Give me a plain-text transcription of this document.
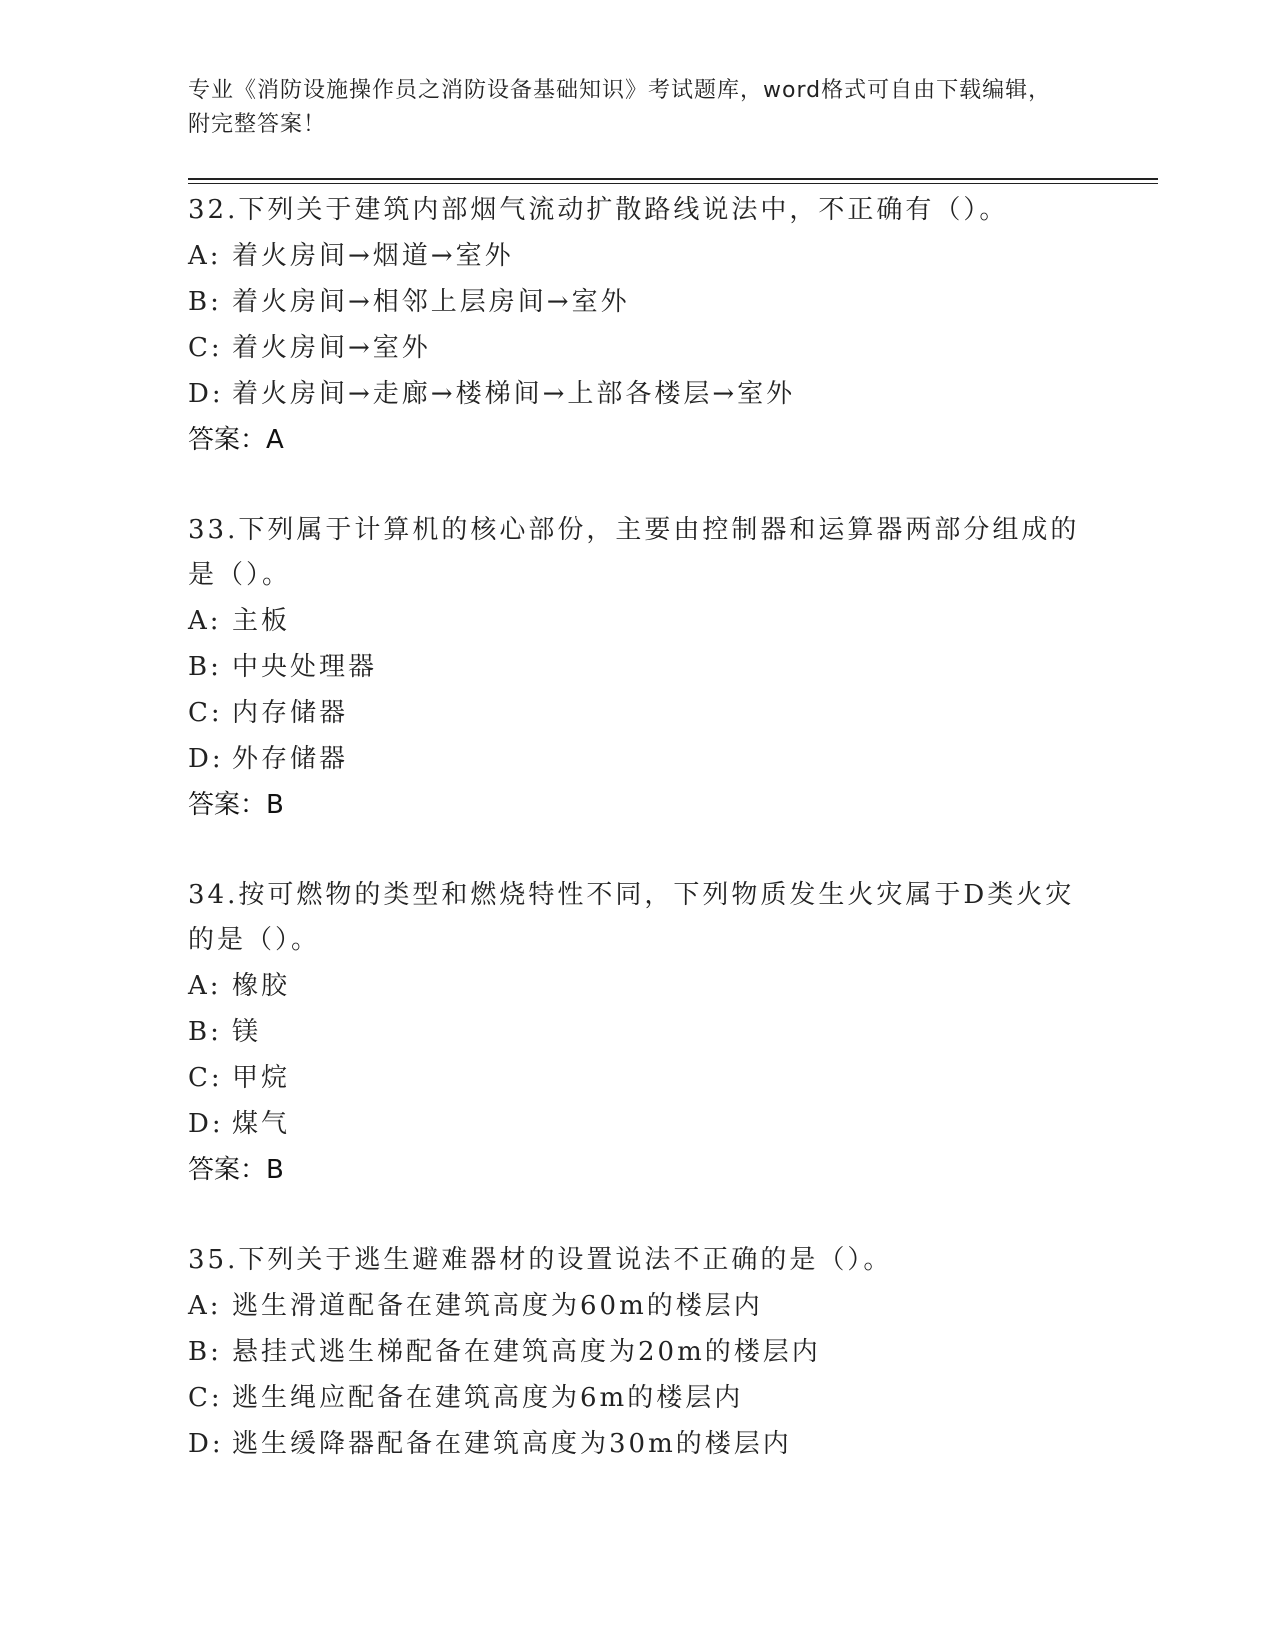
专业《消防设施操作员之消防设备基础知识》考试题库，word格式可自由下载编辑，附完整答案！
32.下列关于建筑内部烟气流动扩散路线说法中，不正确有（）。
A: 着火房间→烟道→室外
B: 着火房间→相邻上层房间→室外
C: 着火房间→室外
D: 着火房间→走廊→楼梯间→上部各楼层→室外
答案：A
33.下列属于计算机的核心部份，主要由控制器和运算器两部分组成的是（）。
A: 主板
B: 中央处理器
C: 内存储器
D: 外存储器
答案：B
34.按可燃物的类型和燃烧特性不同，下列物质发生火灾属于D类火灾的是（）。
A: 橡胶
B: 镁
C: 甲烷
D: 煤气
答案：B
35.下列关于逃生避难器材的设置说法不正确的是（）。
A: 逃生滑道配备在建筑高度为60m的楼层内
B: 悬挂式逃生梯配备在建筑高度为20m的楼层内
C: 逃生绳应配备在建筑高度为6m的楼层内
D: 逃生缓降器配备在建筑高度为30m的楼层内
